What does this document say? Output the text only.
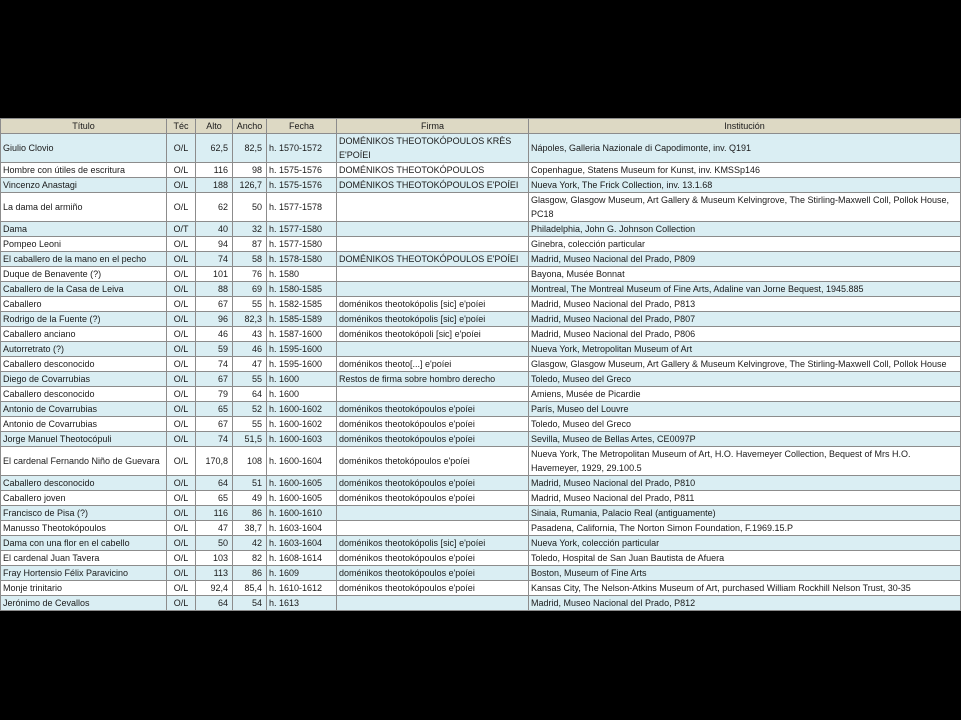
Título	Téc	Alto	Ancho	Fecha	Firma	Institución
Giulio Clovio	O/L	62,5	82,5	h. 1570-1572	DOMÉNIKOS THEOTOKÓPOULOS KRÈS E'POÍEI	Nápoles, Galleria Nazionale di Capodimonte, inv. Q191
Hombre con útiles de escritura	O/L	116	98	h. 1575-1576	DOMÉNIKOS THEOTOKÓPOULOS	Copenhague, Statens Museum for Kunst, inv. KMSSp146
Vincenzo Anastagi	O/L	188	126,7	h. 1575-1576	DOMÉNIKOS THEOTOKÓPOULOS E'POÍEI	Nueva York, The Frick Collection, inv. 13.1.68
La dama del armiño	O/L	62	50	h. 1577-1578		Glasgow, Glasgow Museum, Art Gallery & Museum Kelvingrove, The Stirling-Maxwell Coll, Pollok House, PC18
Dama	O/T	40	32	h. 1577-1580		Philadelphia, John G. Johnson Collection
Pompeo Leoni	O/L	94	87	h. 1577-1580		Ginebra, colección particular
El caballero de la mano en el pecho	O/L	74	58	h. 1578-1580	DOMÉNIKOS THEOTOKÓPOULOS E'POÍEI	Madrid, Museo Nacional del Prado, P809
Duque de Benavente (?)	O/L	101	76	h. 1580		Bayona, Musée Bonnat
Caballero de la Casa de Leiva	O/L	88	69	h. 1580-1585		Montreal, The Montreal Museum of Fine Arts, Adaline van Jorne Bequest, 1945.885
Caballero	O/L	67	55	h. 1582-1585	doménikos theotokópolis [sic] e'poíei	Madrid, Museo Nacional del Prado, P813
Rodrigo de la Fuente (?)	O/L	96	82,3	h. 1585-1589	doménikos theotokópolis [sic] e'poíei	Madrid, Museo Nacional del Prado, P807
Caballero anciano	O/L	46	43	h. 1587-1600	doménikos theotokópoli [sic] e'poíei	Madrid, Museo Nacional del Prado, P806
Autorretrato (?)	O/L	59	46	h. 1595-1600		Nueva York, Metropolitan Museum of Art
Caballero desconocido	O/L	74	47	h. 1595-1600	doménikos theoto[...] e'poíei	Glasgow, Glasgow Museum, Art Gallery & Museum Kelvingrove, The Stirling-Maxwell Coll, Pollok House
Diego de Covarrubias	O/L	67	55	h. 1600	Restos de firma sobre hombro derecho	Toledo, Museo del Greco
Caballero desconocido	O/L	79	64	h. 1600		Amiens, Musée de Picardie
Antonio de Covarrubias	O/L	65	52	h. 1600-1602	doménikos theotokópoulos e'poíei	París, Museo del Louvre
Antonio de Covarrubias	O/L	67	55	h. 1600-1602	doménikos theotokópoulos e'poíei	Toledo, Museo del Greco
Jorge Manuel Theotocópuli	O/L	74	51,5	h. 1600-1603	doménikos theotokópoulos e'poíei	Sevilla, Museo de Bellas Artes, CE0097P
El cardenal Fernando Niño de Guevara	O/L	170,8	108	h. 1600-1604	doménikos thetokópoulos e'poíei	Nueva York, The Metropolitan Museum of Art, H.O. Havemeyer Collection, Bequest of Mrs H.O. Havemeyer, 1929, 29.100.5
Caballero desconocido	O/L	64	51	h. 1600-1605	doménikos theotokópoulos e'poíei	Madrid, Museo Nacional del Prado, P810
Caballero joven	O/L	65	49	h. 1600-1605	doménikos theotokópoulos e'poíei	Madrid, Museo Nacional del Prado, P811
Francisco de Pisa (?)	O/L	116	86	h. 1600-1610		Sinaia, Rumania, Palacio Real (antiguamente)
Manusso Theotokópoulos	O/L	47	38,7	h. 1603-1604		Pasadena, California, The Norton Simon Foundation, F.1969.15.P
Dama con una flor en el cabello	O/L	50	42	h. 1603-1604	doménikos theotokópolis [sic] e'poíei	Nueva York, colección particular
El cardenal Juan Tavera	O/L	103	82	h. 1608-1614	doménikos theotokópoulos e'poíei	Toledo, Hospital de San Juan Bautista de Afuera
Fray Hortensio Félix Paravicino	O/L	113	86	h. 1609	doménikos theotokópoulos e'poíei	Boston, Museum of Fine Arts
Monje trinitario	O/L	92,4	85,4	h. 1610-1612	doménikos theotokópoulos e'poíei	Kansas City, The Nelson-Atkins Museum of Art, purchased William Rockhill Nelson Trust, 30-35
Jerónimo de Cevallos	O/L	64	54	h. 1613		Madrid, Museo Nacional del Prado, P812
